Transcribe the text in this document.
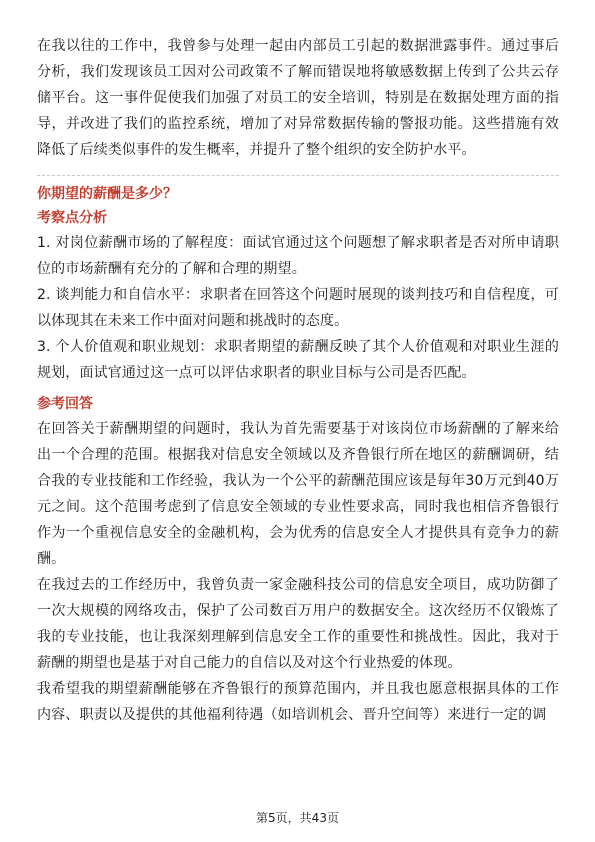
在我以往的工作中，我曾参与处理一起由内部员工引起的数据泄露事件。通过事后分析，我们发现该员工因对公司政策不了解而错误地将敏感数据上传到了公共云存储平台。这一事件促使我们加强了对员工的安全培训，特别是在数据处理方面的指导，并改进了我们的监控系统，增加了对异常数据传输的警报功能。这些措施有效降低了后续类似事件的发生概率，并提升了整个组织的安全防护水平。

你期望的薪酬是多少？

考察点分析

1. 对岗位薪酬市场的了解程度：面试官通过这个问题想了解求职者是否对所申请职位的市场薪酬有充分的了解和合理的期望。

2. 谈判能力和自信水平：求职者在回答这个问题时展现的谈判技巧和自信程度，可以体现其在未来工作中面对问题和挑战时的态度。

3. 个人价值观和职业规划：求职者期望的薪酬反映了其个人价值观和对职业生涯的规划，面试官通过这一点可以评估求职者的职业目标与公司是否匹配。

参考回答

在回答关于薪酬期望的问题时，我认为首先需要基于对该岗位市场薪酬的了解来给出一个合理的范围。根据我对信息安全领域以及齐鲁银行所在地区的薪酬调研，结合我的专业技能和工作经验，我认为一个公平的薪酬范围应该是每年30万元到40万元之间。这个范围考虑到了信息安全领域的专业性要求高，同时我也相信齐鲁银行作为一个重视信息安全的金融机构，会为优秀的信息安全人才提供具有竞争力的薪酬。

在我过去的工作经历中，我曾负责一家金融科技公司的信息安全项目，成功防御了一次大规模的网络攻击，保护了公司数百万用户的数据安全。这次经历不仅锻炼了我的专业技能，也让我深刻理解到信息安全工作的重要性和挑战性。因此，我对于薪酬的期望也是基于对自己能力的自信以及对这个行业热爱的体现。

我希望我的期望薪酬能够在齐鲁银行的预算范围内，并且我也愿意根据具体的工作内容、职责以及提供的其他福利待遇（如培训机会、晋升空间等）来进行一定的调

第5页，共43页
